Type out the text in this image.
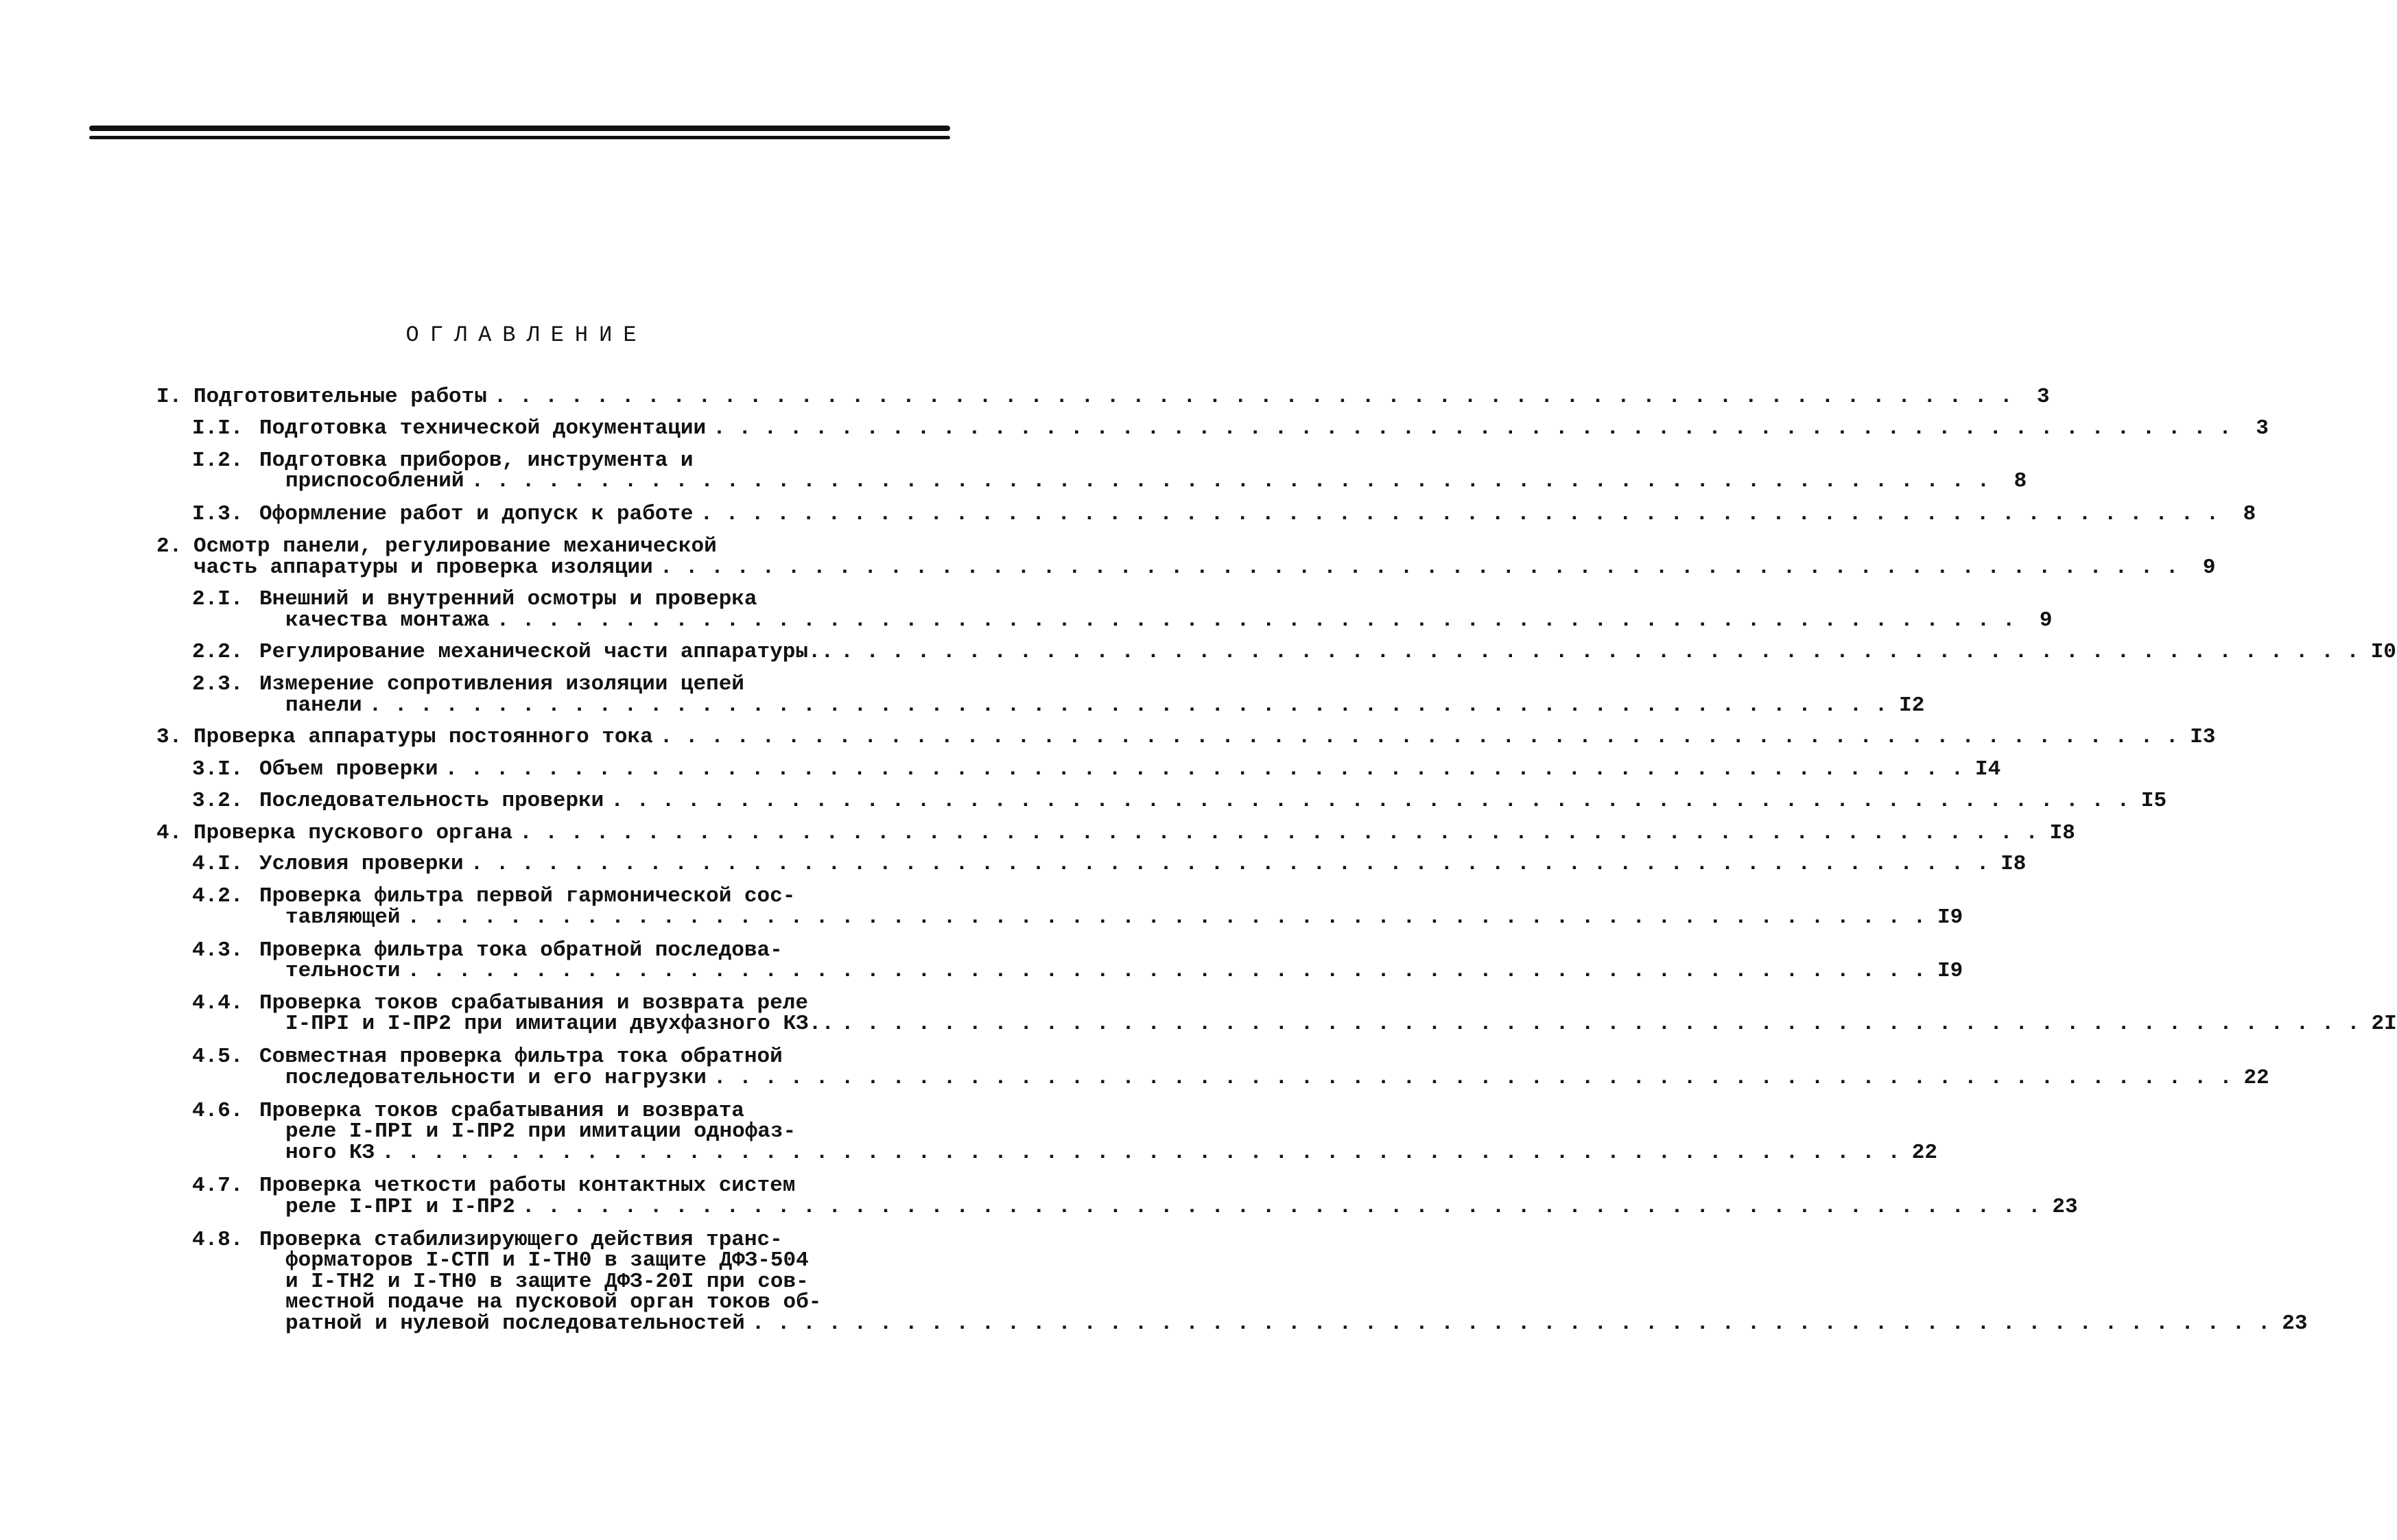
ОГЛАВЛЕНИЕ
I. Подготовительные работы . . . . . . . . . . . . . . . . . . . . . . . . . . . . . . . . . . . . . . . . . . . . . . . . . . . . . . . . . . . .	3
I.I. Подготовка технической документации . . . . . . . . . . . . . . . . . . . . . . . . . . . . . . . . . . . . . . . . . . . . . . . . . . . . . . . . . . . .	3
I.2. Подготовка приборов, инструмента и
приспособлений . . . . . . . . . . . . . . . . . . . . . . . . . . . . . . . . . . . . . . . . . . . . . . . . . . . . . . . . . . . .	8
I.3. Оформление работ и допуск к работе . . . . . . . . . . . . . . . . . . . . . . . . . . . . . . . . . . . . . . . . . . . . . . . . . . . . . . . . . . . .	8
2. Осмотр панели, регулирование механической
часть аппаратуры и проверка изоляции . . . . . . . . . . . . . . . . . . . . . . . . . . . . . . . . . . . . . . . . . . . . . . . . . . . . . . . . . . . .	9
2.I. Внешний и внутренний осмотры и проверка
качества монтажа . . . . . . . . . . . . . . . . . . . . . . . . . . . . . . . . . . . . . . . . . . . . . . . . . . . . . . . . . . . .	9
2.2. Регулирование механической части аппаратуры.. . . . . . . . . . . . . . . . . . . . . . . . . . . . . . . . . . . . . . . . . . . . . . . . . . . . . . . . . . . . . I0
2.3. Измерение сопротивления изоляции цепей
панели . . . . . . . . . . . . . . . . . . . . . . . . . . . . . . . . . . . . . . . . . . . . . . . . . . . . . . . . . . . . I2
3. Проверка аппаратуры постоянного тока . . . . . . . . . . . . . . . . . . . . . . . . . . . . . . . . . . . . . . . . . . . . . . . . . . . . . . . . . . . . I3
3.I. Объем проверки . . . . . . . . . . . . . . . . . . . . . . . . . . . . . . . . . . . . . . . . . . . . . . . . . . . . . . . . . . . . I4
3.2. Последовательность проверки . . . . . . . . . . . . . . . . . . . . . . . . . . . . . . . . . . . . . . . . . . . . . . . . . . . . . . . . . . . . I5
4. Проверка пускового органа . . . . . . . . . . . . . . . . . . . . . . . . . . . . . . . . . . . . . . . . . . . . . . . . . . . . . . . . . . . . I8
4.I. Условия проверки . . . . . . . . . . . . . . . . . . . . . . . . . . . . . . . . . . . . . . . . . . . . . . . . . . . . . . . . . . . . I8
4.2. Проверка фильтра первой гармонической сос-
тавляющей . . . . . . . . . . . . . . . . . . . . . . . . . . . . . . . . . . . . . . . . . . . . . . . . . . . . . . . . . . . . I9
4.3. Проверка фильтра тока обратной последова-
тельности . . . . . . . . . . . . . . . . . . . . . . . . . . . . . . . . . . . . . . . . . . . . . . . . . . . . . . . . . . . . I9
4.4. Проверка токов срабатывания и возврата реле
I-ПРI и I-ПР2 при имитации двухфазного КЗ.. . . . . . . . . . . . . . . . . . . . . . . . . . . . . . . . . . . . . . . . . . . . . . . . . . . . . . . . . . . . . 2I
4.5. Совместная проверка фильтра тока обратной
последовательности и его нагрузки . . . . . . . . . . . . . . . . . . . . . . . . . . . . . . . . . . . . . . . . . . . . . . . . . . . . . . . . . . . . 22
4.6. Проверка токов срабатывания и возврата
реле I-ПРI и I-ПР2 при имитации однофаз-
ного КЗ . . . . . . . . . . . . . . . . . . . . . . . . . . . . . . . . . . . . . . . . . . . . . . . . . . . . . . . . . . . . 22
4.7. Проверка четкости работы контактных систем
реле I-ПРI и I-ПР2 . . . . . . . . . . . . . . . . . . . . . . . . . . . . . . . . . . . . . . . . . . . . . . . . . . . . . . . . . . . . 23
4.8. Проверка стабилизирующего действия транс-
форматоров I-СТП и I-ТН0 в защите ДФЗ-504
и I-ТН2 и I-ТН0 в защите ДФЗ-20I при сов-
местной подаче на пусковой орган токов об-
ратной и нулевой последовательностей . . . . . . . . . . . . . . . . . . . . . . . . . . . . . . . . . . . . . . . . . . . . . . . . . . . . . . . . . . . . 23
